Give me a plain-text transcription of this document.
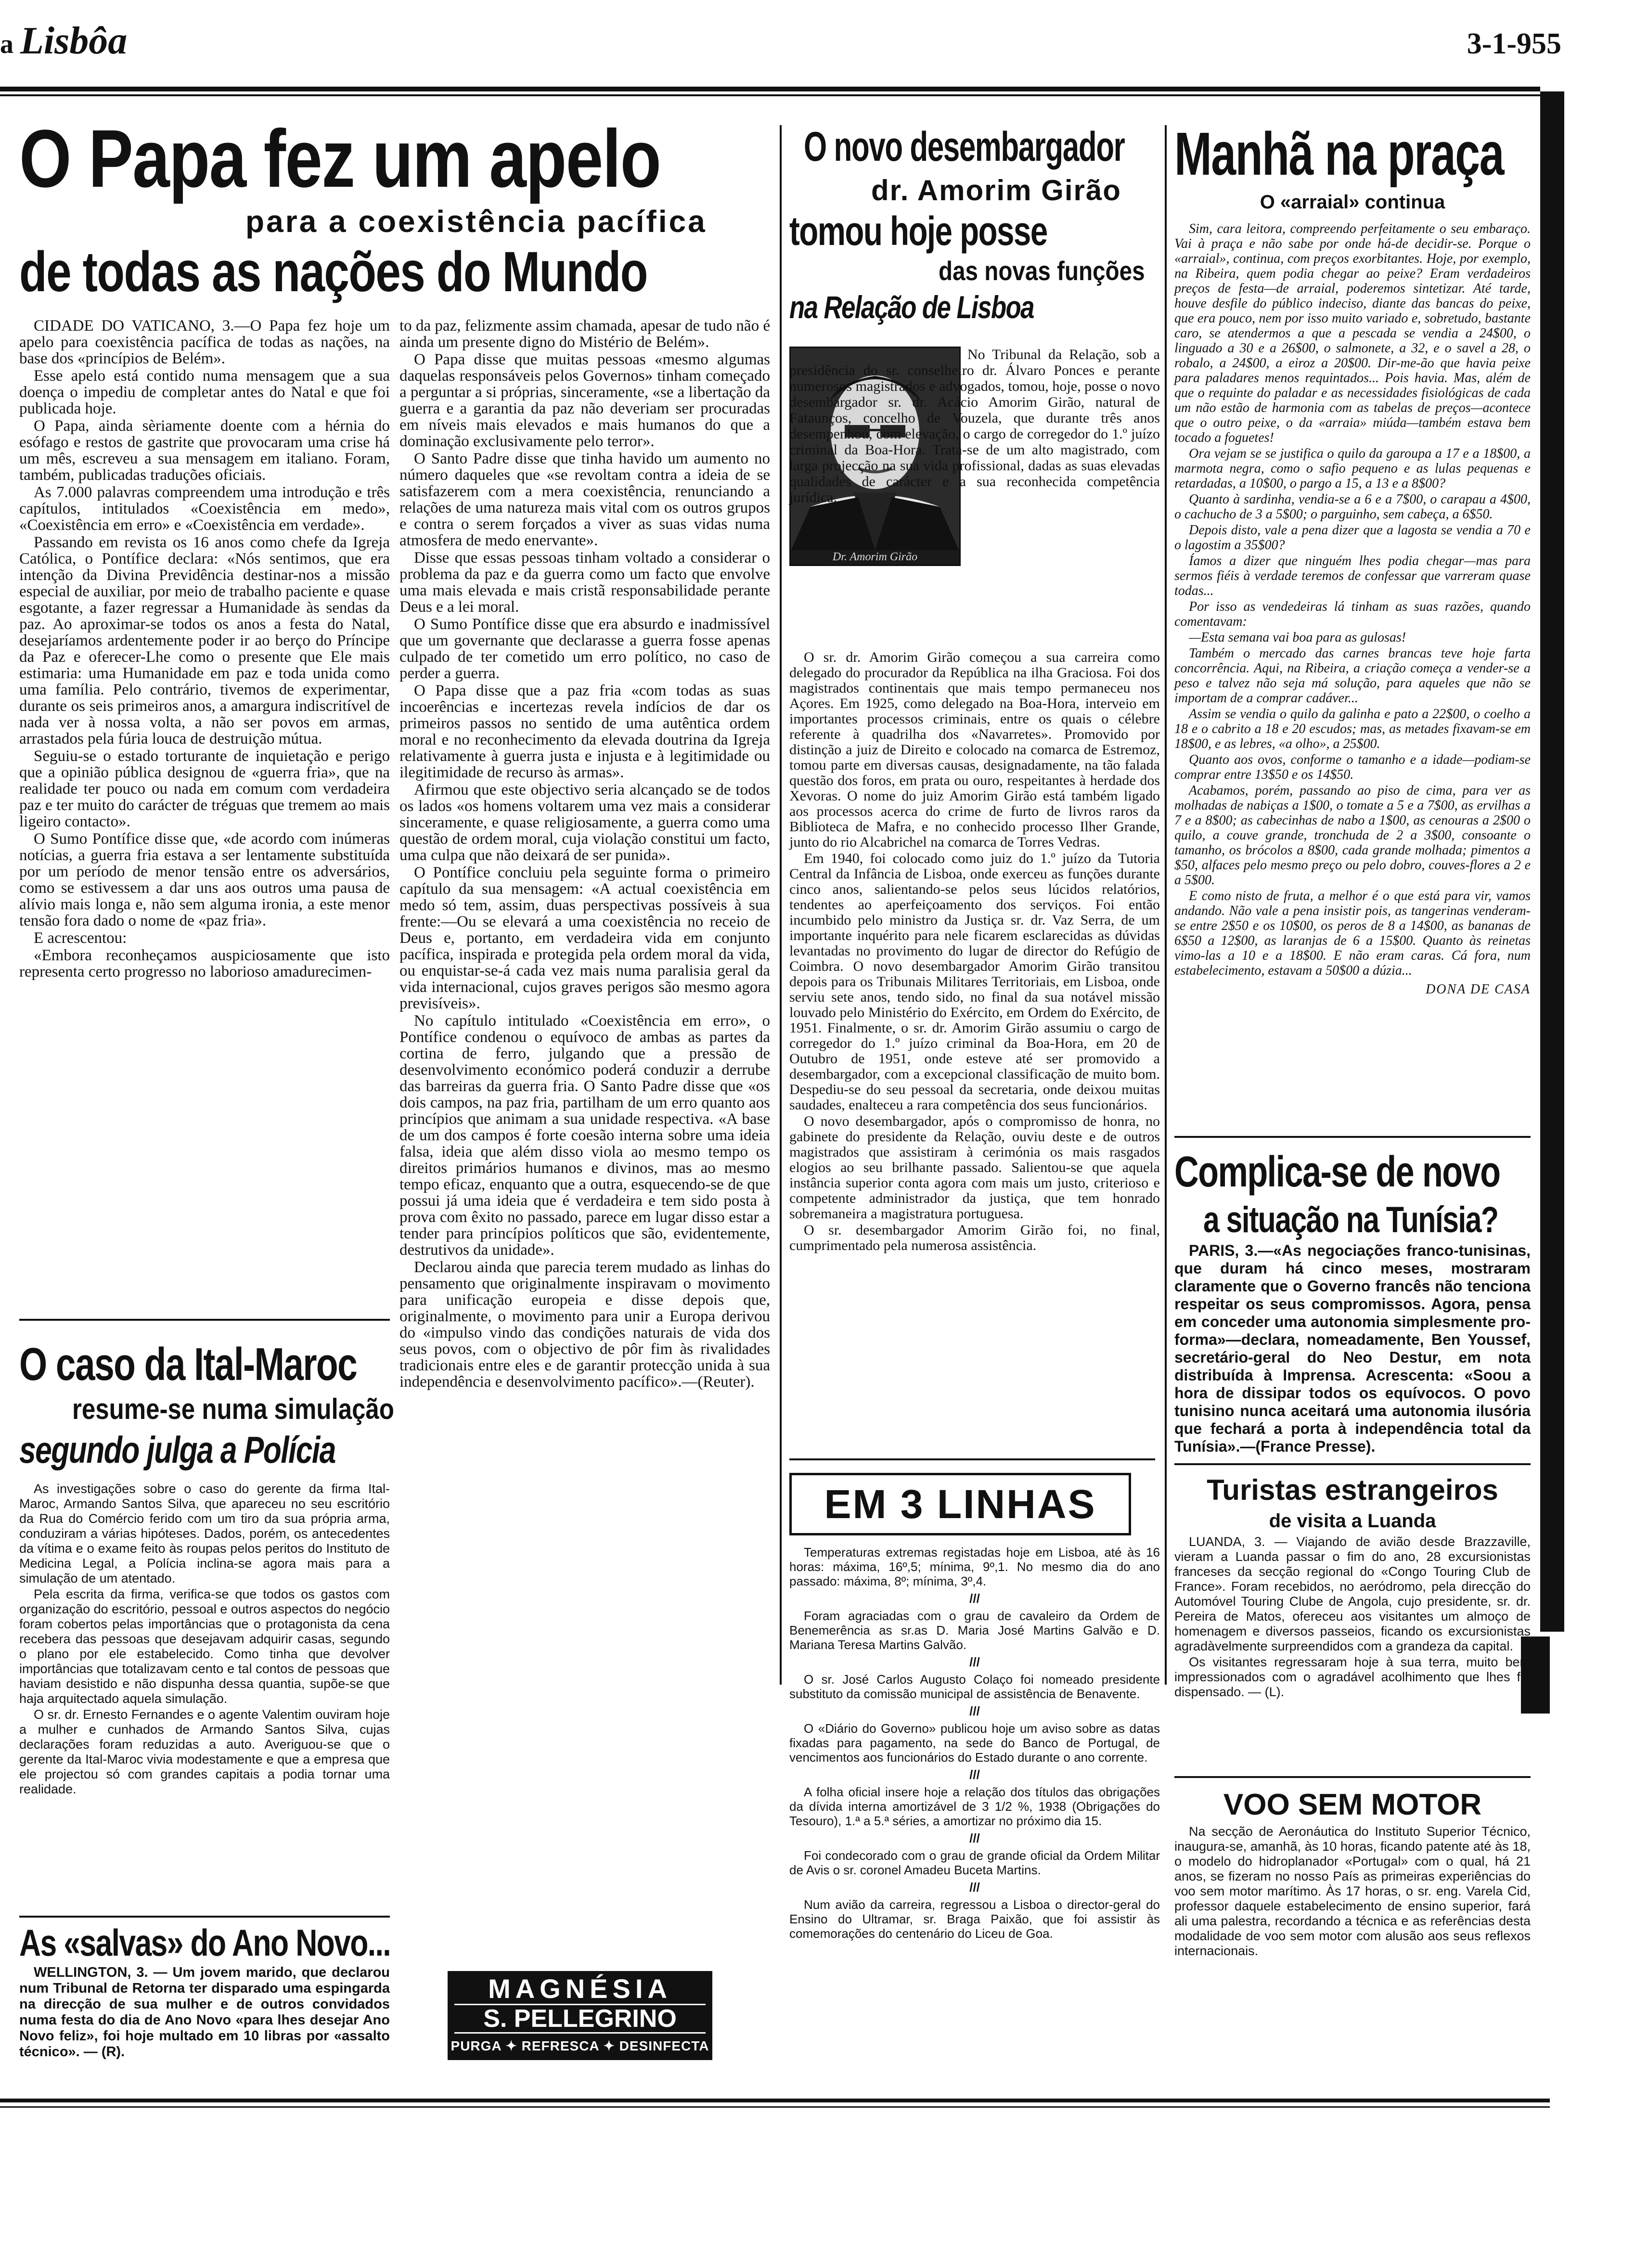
a Lisbôa	3-1-955
O Papa fez um apelo
para a coexistência pacífica
de todas as nações do Mundo

CIDADE DO VATICANO, 3.—O Papa fez hoje um apelo para coexistência pacífica de todas as nações, na base dos «princípios de Belém».

Esse apelo está contido numa mensagem que a sua doença o impediu de completar antes do Natal e que foi publicada hoje.

O Papa, ainda sèriamente doente com a hérnia do esófago e restos de gastrite que provocaram uma crise há um mês, escreveu a sua mensagem em italiano. Foram, também, publicadas traduções oficiais.

As 7.000 palavras compreendem uma introdução e três capítulos, intitulados «Coexistência em medo», «Coexistência em erro» e «Coexistência em verdade».

Passando em revista os 16 anos como chefe da Igreja Católica, o Pontífice declara: «Nós sentimos, que era intenção da Divina Previdência destinar-nos a missão especial de auxiliar, por meio de trabalho paciente e quase esgotante, a fazer regressar a Humanidade às sendas da paz. Ao aproximar-se todos os anos a festa do Natal, desejaríamos ardentemente poder ir ao berço do Príncipe da Paz e oferecer-Lhe como o presente que Ele mais estimaria: uma Humanidade em paz e toda unida como uma família. Pelo contrário, tivemos de experimentar, durante os seis primeiros anos, a amargura indiscritível de nada ver à nossa volta, a não ser povos em armas, arrastados pela fúria louca de destruição mútua.

Seguiu-se o estado torturante de inquietação e perigo que a opinião pública designou de «guerra fria», que na realidade ter pouco ou nada em comum com verdadeira paz e ter muito do carácter de tréguas que tremem ao mais ligeiro contacto».

O Sumo Pontífice disse que, «de acordo com inúmeras notícias, a guerra fria estava a ser lentamente substituída por um período de menor tensão entre os adversários, como se estivessem a dar uns aos outros uma pausa de alívio mais longa e, não sem alguma ironia, a este menor tensão fora dado o nome de «paz fria».

E acrescentou:

«Embora reconheçamos auspiciosamente que isto representa certo progresso no laborioso amadurecimen-

to da paz, felizmente assim chamada, apesar de tudo não é ainda um presente digno do Mistério de Belém».

O Papa disse que muitas pessoas «mesmo algumas daquelas responsáveis pelos Governos» tinham começado a perguntar a si próprias, sinceramente, «se a libertação da guerra e a garantia da paz não deveriam ser procuradas em níveis mais elevados e mais humanos do que a dominação exclusivamente pelo terror».

O Santo Padre disse que tinha havido um aumento no número daqueles que «se revoltam contra a ideia de se satisfazerem com a mera coexistência, renunciando a relações de uma natureza mais vital com os outros grupos e contra o serem forçados a viver as suas vidas numa atmosfera de medo enervante».

Disse que essas pessoas tinham voltado a considerar o problema da paz e da guerra como um facto que envolve uma mais elevada e mais cristã responsabilidade perante Deus e a lei moral.

O Sumo Pontífice disse que era absurdo e inadmissível que um governante que declarasse a guerra fosse apenas culpado de ter cometido um erro político, no caso de perder a guerra.

O Papa disse que a paz fria «com todas as suas incoerências e incertezas revela indícios de dar os primeiros passos no sentido de uma autêntica ordem moral e no reconhecimento da elevada doutrina da Igreja relativamente à guerra justa e injusta e à legitimidade ou ilegitimidade de recurso às armas».

Afirmou que este objectivo seria alcançado se de todos os lados «os homens voltarem uma vez mais a considerar sinceramente, e quase religiosamente, a guerra como uma questão de ordem moral, cuja violação constitui um facto, uma culpa que não deixará de ser punida».

O Pontífice concluiu pela seguinte forma o primeiro capítulo da sua mensagem: «A actual coexistência em medo só tem, assim, duas perspectivas possíveis à sua frente:—Ou se elevará a uma coexistência no receio de Deus e, portanto, em verdadeira vida em conjunto pacífica, inspirada e protegida pela ordem moral da vida, ou enquistar-se-á cada vez mais numa paralisia geral da vida internacional, cujos graves perigos são mesmo agora previsíveis».

No capítulo intitulado «Coexistência em erro», o Pontífice condenou o equívoco de ambas as partes da cortina de ferro, julgando que a pressão de desenvolvimento económico poderá conduzir a derrube das barreiras da guerra fria. O Santo Padre disse que «os dois campos, na paz fria, partilham de um erro quanto aos princípios que animam a sua unidade respectiva. «A base de um dos campos é forte coesão interna sobre uma ideia falsa, ideia que além disso viola ao mesmo tempo os direitos primários humanos e divinos, mas ao mesmo tempo eficaz, enquanto que a outra, esquecendo-se de que possui já uma ideia que é verdadeira e tem sido posta à prova com êxito no passado, parece em lugar disso estar a tender para princípios políticos que são, evidentemente, destrutivos da unidade».

Declarou ainda que parecia terem mudado as linhas do pensamento que originalmente inspiravam o movimento para unificação europeia e disse depois que, originalmente, o movimento para unir a Europa derivou do «impulso vindo das condições naturais de vida dos seus povos, com o objectivo de pôr fim às rivalidades tradicionais entre eles e de garantir protecção unida à sua independência e desenvolvimento pacífico».—(Reuter).

O caso da Ital-Maroc
resume-se numa simulação
segundo julga a Polícia

As investigações sobre o caso do gerente da firma Ital-Maroc, Armando Santos Silva, que apareceu no seu escritório da Rua do Comércio ferido com um tiro da sua própria arma, conduziram a várias hipóteses. Dados, porém, os antecedentes da vítima e o exame feito às roupas pelos peritos do Instituto de Medicina Legal, a Polícia inclina-se agora mais para a simulação de um atentado.

Pela escrita da firma, verifica-se que todos os gastos com organização do escritório, pessoal e outros aspectos do negócio foram cobertos pelas importâncias que o protagonista da cena recebera das pessoas que desejavam adquirir casas, segundo o plano por ele estabelecido. Como tinha que devolver importâncias que totalizavam cento e tal contos de pessoas que haviam desistido e não dispunha dessa quantia, supõe-se que haja arquitectado aquela simulação.

O sr. dr. Ernesto Fernandes e o agente Valentim ouviram hoje a mulher e cunhados de Armando Santos Silva, cujas declarações foram reduzidas a auto. Averiguou-se que o gerente da Ital-Maroc vivia modestamente e que a empresa que ele projectou só com grandes capitais a podia tornar uma realidade.

As «salvas» do Ano Novo...
WELLINGTON, 3. — Um jovem marido, que declarou num Tribunal de Retorna ter disparado uma espingarda na direcção de sua mulher e de outros convidados numa festa do dia de Ano Novo «para lhes desejar Ano Novo feliz», foi hoje multado em 10 libras por «assalto técnico». — (R).
MAGNÉSIA
S. PELLEGRINO
PURGA ✦ REFRESCA ✦ DESINFECTA
O novo desembargador
dr. Amorim Girão
tomou hoje posse
das novas funções
na Relação de Lisboa
Dr. Amorim Girão
No Tribunal da Relação, sob a presidência do sr. conselheiro dr. Álvaro Ponces e perante numerosos magistrados e advogados, tomou, hoje, posse o novo desembargador sr. dr. Acácio Amorim Girão, natural de Fataunços, concelho de Vouzela, que durante três anos desempenhou, com elevação, o cargo de corregedor do 1.º juízo criminal da Boa-Hora. Trata-se de um alto magistrado, com larga projecção na sua vida profissional, dadas as suas elevadas qualidades de carácter e a sua reconhecida competência jurídica.

O sr. dr. Amorim Girão começou a sua carreira como delegado do procurador da República na ilha Graciosa. Foi dos magistrados continentais que mais tempo permaneceu nos Açores. Em 1925, como delegado na Boa-Hora, interveio em importantes processos criminais, entre os quais o célebre referente à quadrilha dos «Navarretes». Promovido por distinção a juiz de Direito e colocado na comarca de Estremoz, tomou parte em diversas causas, designadamente, na tão falada questão dos foros, em prata ou ouro, respeitantes à herdade dos Xevoras. O nome do juiz Amorim Girão está também ligado aos processos acerca do crime de furto de livros raros da Biblioteca de Mafra, e no conhecido processo Ilher Grande, junto do rio Alcabrichel na comarca de Torres Vedras.

Em 1940, foi colocado como juiz do 1.º juízo da Tutoria Central da Infância de Lisboa, onde exerceu as funções durante cinco anos, salientando-se pelos seus lúcidos relatórios, tendentes ao aperfeiçoamento dos serviços. Foi então incumbido pelo ministro da Justiça sr. dr. Vaz Serra, de um importante inquérito para nele ficarem esclarecidas as dúvidas levantadas no provimento do lugar de director do Refúgio de Coimbra. O novo desembargador Amorim Girão transitou depois para os Tribunais Militares Territoriais, em Lisboa, onde serviu sete anos, tendo sido, no final da sua notável missão louvado pelo Ministério do Exército, em Ordem do Exército, de 1951. Finalmente, o sr. dr. Amorim Girão assumiu o cargo de corregedor do 1.º juízo criminal da Boa-Hora, em 20 de Outubro de 1951, onde esteve até ser promovido a desembargador, com a excepcional classificação de muito bom. Despediu-se do seu pessoal da secretaria, onde deixou muitas saudades, enalteceu a rara competência dos seus funcionários.

O novo desembargador, após o compromisso de honra, no gabinete do presidente da Relação, ouviu deste e de outros magistrados que assistiram à cerimónia os mais rasgados elogios ao seu brilhante passado. Salientou-se que aquela instância superior conta agora com mais um justo, criterioso e competente administrador da justiça, que tem honrado sobremaneira a magistratura portuguesa.

O sr. desembargador Amorim Girão foi, no final, cumprimentado pela numerosa assistência.

EM 3 LINHAS

Temperaturas extremas registadas hoje em Lisboa, até às 16 horas: máxima, 16º,5; mínima, 9º,1. No mesmo dia do ano passado: máxima, 8º; mínima, 3º,4.

///

Foram agraciadas com o grau de cavaleiro da Ordem de Benemerência as sr.as D. Maria José Martins Galvão e D. Mariana Teresa Martins Galvão.

///

O sr. José Carlos Augusto Colaço foi nomeado presidente substituto da comissão municipal de assistência de Benavente.

///

O «Diário do Governo» publicou hoje um aviso sobre as datas fixadas para pagamento, na sede do Banco de Portugal, de vencimentos aos funcionários do Estado durante o ano corrente.

///

A folha oficial insere hoje a relação dos títulos das obrigações da dívida interna amortizável de 3 1/2 %, 1938 (Obrigações do Tesouro), 1.ª a 5.ª séries, a amortizar no próximo dia 15.

///

Foi condecorado com o grau de grande oficial da Ordem Militar de Avis o sr. coronel Amadeu Buceta Martins.

///

Num avião da carreira, regressou a Lisboa o director-geral do Ensino do Ultramar, sr. Braga Paixão, que foi assistir às comemorações do centenário do Liceu de Goa.

Manhã na praça
O «arraial» continua

Sim, cara leitora, compreendo perfeitamente o seu embaraço. Vai à praça e não sabe por onde há-de decidir-se. Porque o «arraial», continua, com preços exorbitantes. Hoje, por exemplo, na Ribeira, quem podia chegar ao peixe? Eram verdadeiros preços de festa—de arraial, poderemos sintetizar. Até tarde, houve desfile do público indeciso, diante das bancas do peixe, que era pouco, nem por isso muito variado e, sobretudo, bastante caro, se atendermos a que a pescada se vendia a 24$00, o linguado a 30 e a 26$00, o salmonete, a 32, e o savel a 28, o robalo, a 24$00, a eiroz a 20$00. Dir-me-ão que havia peixe para paladares menos requintados... Pois havia. Mas, além de que o requinte do paladar e as necessidades fisiológicas de cada um não estão de harmonia com as tabelas de preços—acontece que o outro peixe, o da «arraia» miúda—também estava bem tocado a foguetes!

Ora vejam se se justifica o quilo da garoupa a 17 e a 18$00, a marmota negra, como o safio pequeno e as lulas pequenas e retardadas, a 10$00, o pargo a 15, a 13 e a 8$00?

Quanto à sardinha, vendia-se a 6 e a 7$00, o carapau a 4$00, o cachucho de 3 a 5$00; o parguinho, sem cabeça, a 6$50.

Depois disto, vale a pena dizer que a lagosta se vendia a 70 e o lagostim a 35$00?

Íamos a dizer que ninguém lhes podia chegar—mas para sermos fiéis à verdade teremos de confessar que varreram quase todas...

Por isso as vendedeiras lá tinham as suas razões, quando comentavam:

—Esta semana vai boa para as gulosas!

Também o mercado das carnes brancas teve hoje farta concorrência. Aqui, na Ribeira, a criação começa a vender-se a peso e talvez não seja má solução, para aqueles que não se importam de a comprar cadáver...

Assim se vendia o quilo da galinha e pato a 22$00, o coelho a 18 e o cabrito a 18 e 20 escudos; mas, as metades fixavam-se em 18$00, e as lebres, «a olho», a 25$00.

Quanto aos ovos, conforme o tamanho e a idade—podiam-se comprar entre 13$50 e os 14$50.

Acabamos, porém, passando ao piso de cima, para ver as molhadas de nabiças a 1$00, o tomate a 5 e a 7$00, as ervilhas a 7 e a 8$00; as cabecinhas de nabo a 1$00, as cenouras a 2$00 o quilo, a couve grande, tronchuda de 2 a 3$00, consoante o tamanho, os brócolos a 8$00, cada grande molhada; pimentos a $50, alfaces pelo mesmo preço ou pelo dobro, couves-flores a 2 e a 5$00.

E como nisto de fruta, a melhor é o que está para vir, vamos andando. Não vale a pena insistir pois, as tangerinas venderam-se entre 2$50 e os 10$00, os peros de 8 a 14$00, as bananas de 6$50 a 12$00, as laranjas de 6 a 15$00. Quanto às reinetas vimo-las a 10 e a 18$00. E não eram caras. Cá fora, num estabelecimento, estavam a 50$00 a dúzia...

DONA DE CASA
Complica-se de novo
a situação na Tunísia?
PARIS, 3.—«As negociações franco-tunisinas, que duram há cinco meses, mostraram claramente que o Governo francês não tenciona respeitar os seus compromissos. Agora, pensa em conceder uma autonomia simplesmente pro-forma»—declara, nomeadamente, Ben Youssef, secretário-geral do Neo Destur, em nota distribuída à Imprensa. Acrescenta: «Soou a hora de dissipar todos os equívocos. O povo tunisino nunca aceitará uma autonomia ilusória que fechará a porta à independência total da Tunísia».—(France Presse).
Turistas estrangeiros
de visita a Luanda

LUANDA, 3. — Viajando de avião desde Brazzaville, vieram a Luanda passar o fim do ano, 28 excursionistas franceses da secção regional do «Congo Touring Club de France». Foram recebidos, no aeródromo, pela direcção do Automóvel Touring Clube de Angola, cujo presidente, sr. dr. Pereira de Matos, ofereceu aos visitantes um almoço de homenagem e diversos passeios, ficando os excursionistas agradàvelmente surpreendidos com a grandeza da capital.

Os visitantes regressaram hoje à sua terra, muito bem impressionados com o agradável acolhimento que lhes foi dispensado. — (L).

VOO SEM MOTOR
Na secção de Aeronáutica do Instituto Superior Técnico, inaugura-se, amanhã, às 10 horas, ficando patente até às 18, o modelo do hidroplanador «Portugal» com o qual, há 21 anos, se fizeram no nosso País as primeiras experiências do voo sem motor marítimo. Às 17 horas, o sr. eng. Varela Cid, professor daquele estabelecimento de ensino superior, fará ali uma palestra, recordando a técnica e as referências desta modalidade de voo sem motor com alusão aos seus reflexos internacionais.
